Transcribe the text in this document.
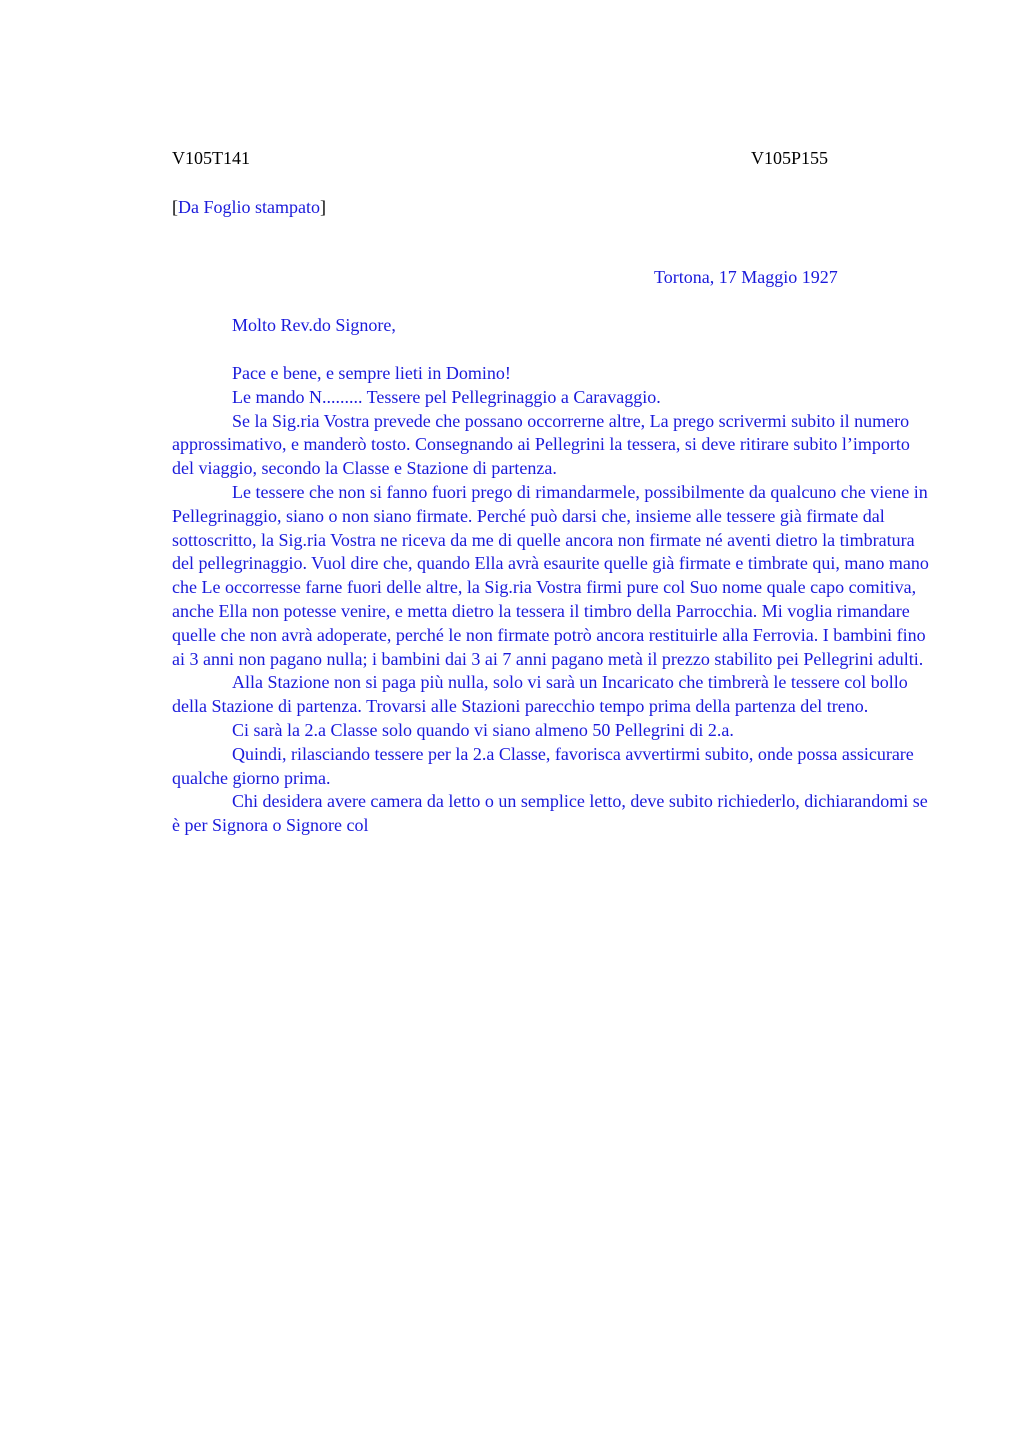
V105T141	V105P155
[Da Foglio stampato]
Tortona, 17 Maggio 1927
Molto Rev.do Signore,

Pace e bene, e sempre lieti in Domino!

Le mando N......... Tessere pel Pellegrinaggio a Caravaggio.

Se la Sig.ria Vostra prevede che possano occorrerne altre, La prego scrivermi subito il numero approssimativo, e manderò tosto. Consegnando ai Pellegrini la tessera, si deve ritirare subito l’importo del viaggio, secondo la Classe e Stazione di partenza.

Le tessere che non si fanno fuori prego di rimandarmele, possibilmente da qualcuno che viene in Pellegrinaggio, siano o non siano firmate. Perché può darsi che, insieme alle tessere già firmate dal sottoscritto, la Sig.ria Vostra ne riceva da me di quelle ancora non firmate né aventi dietro la timbratura del pellegrinaggio. Vuol dire che, quando Ella avrà esaurite quelle già firmate e timbrate qui, mano mano che Le occorresse farne fuori delle altre, la Sig.ria Vostra firmi pure col Suo nome quale capo comitiva, anche Ella non potesse venire, e metta dietro la tessera il timbro della Parrocchia. Mi voglia rimandare quelle che non avrà adoperate, perché le non firmate potrò ancora restituirle alla Ferrovia. I bambini fino ai 3 anni non pagano nulla; i bambini dai 3 ai 7 anni pagano metà il prezzo stabilito pei Pellegrini adulti.

Alla Stazione non si paga più nulla, solo vi sarà un Incaricato che timbrerà le tessere col bollo della Stazione di partenza. Trovarsi alle Stazioni parecchio tempo prima della partenza del treno.

Ci sarà la 2.a Classe solo quando vi siano almeno 50 Pellegrini di 2.a.

Quindi, rilasciando tessere per la 2.a Classe, favorisca avvertirmi subito, onde possa assicurare qualche giorno prima.

Chi desidera avere camera da letto o un semplice letto, deve subito richiederlo, dichiarandomi se è per Signora o Signore col
